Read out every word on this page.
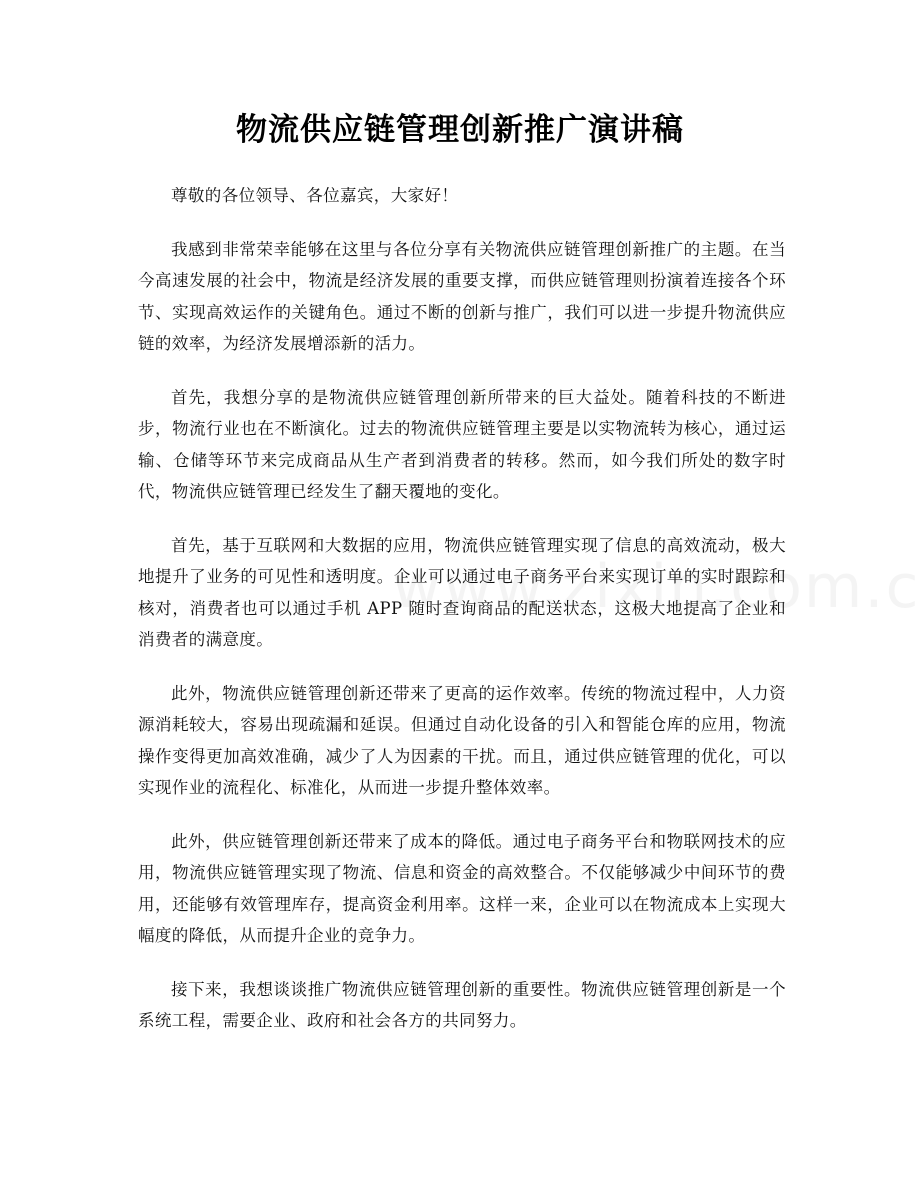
物流供应链管理创新推广演讲稿

尊敬的各位领导、各位嘉宾，大家好！

我感到非常荣幸能够在这里与各位分享有关物流供应链管理创新推广的主题。在当今高速发展的社会中，物流是经济发展的重要支撑，而供应链管理则扮演着连接各个环节、实现高效运作的关键角色。通过不断的创新与推广，我们可以进一步提升物流供应链的效率，为经济发展增添新的活力。

首先，我想分享的是物流供应链管理创新所带来的巨大益处。随着科技的不断进步，物流行业也在不断演化。过去的物流供应链管理主要是以实物流转为核心，通过运输、仓储等环节来完成商品从生产者到消费者的转移。然而，如今我们所处的数字时代，物流供应链管理已经发生了翻天覆地的变化。

首先，基于互联网和大数据的应用，物流供应链管理实现了信息的高效流动，极大地提升了业务的可见性和透明度。企业可以通过电子商务平台来实现订单的实时跟踪和核对，消费者也可以通过手机 APP 随时查询商品的配送状态，这极大地提高了企业和消费者的满意度。

此外，物流供应链管理创新还带来了更高的运作效率。传统的物流过程中，人力资源消耗较大，容易出现疏漏和延误。但通过自动化设备的引入和智能仓库的应用，物流操作变得更加高效准确，减少了人为因素的干扰。而且，通过供应链管理的优化，可以实现作业的流程化、标准化，从而进一步提升整体效率。

此外，供应链管理创新还带来了成本的降低。通过电子商务平台和物联网技术的应用，物流供应链管理实现了物流、信息和资金的高效整合。不仅能够减少中间环节的费用，还能够有效管理库存，提高资金利用率。这样一来，企业可以在物流成本上实现大幅度的降低，从而提升企业的竞争力。

接下来，我想谈谈推广物流供应链管理创新的重要性。物流供应链管理创新是一个系统工程，需要企业、政府和社会各方的共同努力。
